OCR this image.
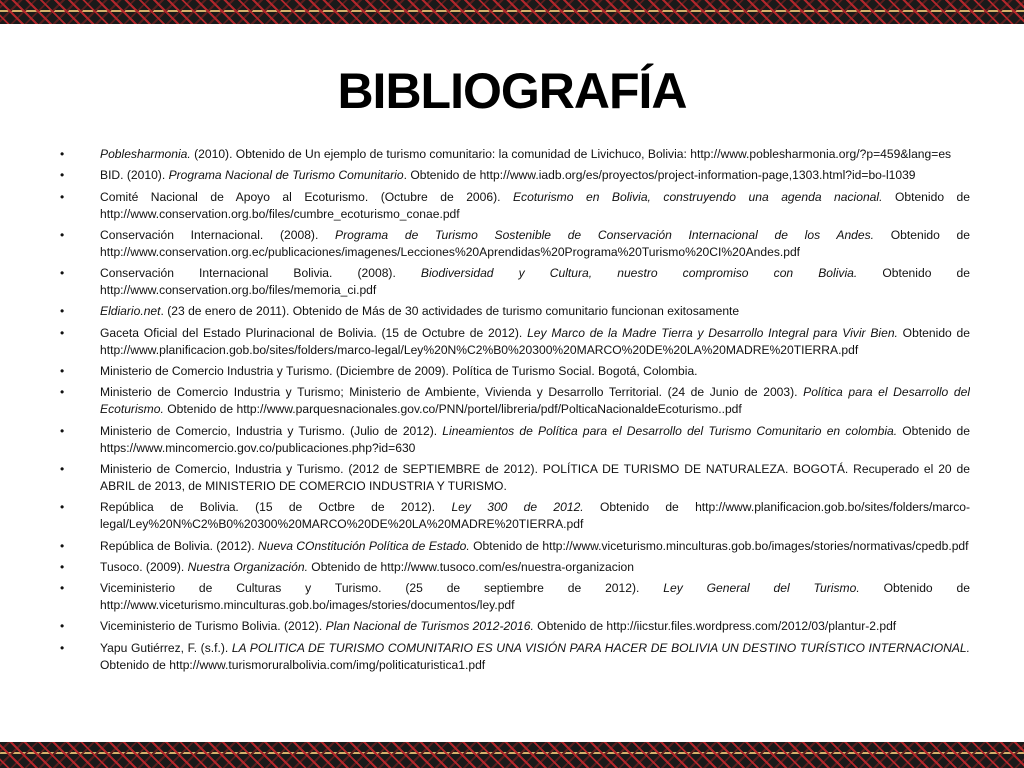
BIBLIOGRAFÍA
•	Poblesharmonia. (2010). Obtenido de Un ejemplo de turismo comunitario: la comunidad de Livichuco, Bolivia: http://www.poblesharmonia.org/?p=459&lang=es
•	BID. (2010). Programa Nacional de Turismo Comunitario. Obtenido de http://www.iadb.org/es/proyectos/project-information-page,1303.html?id=bo-l1039
•	Comité Nacional de Apoyo al Ecoturismo. (Octubre de 2006). Ecoturismo en Bolivia, construyendo una agenda nacional. Obtenido de http://www.conservation.org.bo/files/cumbre_ecoturismo_conae.pdf
•	Conservación Internacional. (2008). Programa de Turismo Sostenible de Conservación Internacional de los Andes. Obtenido de http://www.conservation.org.ec/publicaciones/imagenes/Lecciones%20Aprendidas%20Programa%20Turismo%20CI%20Andes.pdf
•	Conservación Internacional Bolivia. (2008). Biodiversidad y Cultura, nuestro compromiso con Bolivia. Obtenido de http://www.conservation.org.bo/files/memoria_ci.pdf
•	Eldiario.net. (23 de enero de 2011). Obtenido de Más de 30 actividades de turismo comunitario funcionan exitosamente
•	Gaceta Oficial del Estado Plurinacional de Bolivia. (15 de Octubre de 2012). Ley Marco de la Madre Tierra y Desarrollo Integral para Vivir Bien. Obtenido de http://www.planificacion.gob.bo/sites/folders/marco-legal/Ley%20N%C2%B0%20300%20MARCO%20DE%20LA%20MADRE%20TIERRA.pdf
•	Ministerio de Comercio Industria y Turismo. (Diciembre de 2009). Política de Turismo Social. Bogotá, Colombia.
•	Ministerio de Comercio Industria y Turismo; Ministerio de Ambiente, Vivienda y Desarrollo Territorial. (24 de Junio de 2003). Política para el Desarrollo del Ecoturismo. Obtenido de http://www.parquesnacionales.gov.co/PNN/portel/libreria/pdf/PolticaNacionaldeEcoturismo..pdf
•	Ministerio de Comercio, Industria y Turismo. (Julio de 2012). Lineamientos de Política para el Desarrollo del Turismo Comunitario en colombia. Obtenido de https://www.mincomercio.gov.co/publicaciones.php?id=630
•	Ministerio de Comercio, Industria y Turismo. (2012 de SEPTIEMBRE de 2012). POLÍTICA DE TURISMO DE NATURALEZA. BOGOTÁ. Recuperado el 20 de ABRIL de 2013, de MINISTERIO DE COMERCIO INDUSTRIA Y TURISMO.
•	República de Bolivia. (15 de Octbre de 2012). Ley 300 de 2012. Obtenido de http://www.planificacion.gob.bo/sites/folders/marco-legal/Ley%20N%C2%B0%20300%20MARCO%20DE%20LA%20MADRE%20TIERRA.pdf
•	República de Bolivia. (2012). Nueva COnstitución Política de Estado. Obtenido de http://www.viceturismo.minculturas.gob.bo/images/stories/normativas/cpedb.pdf
•	Tusoco. (2009). Nuestra Organización. Obtenido de http://www.tusoco.com/es/nuestra-organizacion
•	Viceministerio de Culturas y Turismo. (25 de septiembre de 2012). Ley General del Turismo. Obtenido de http://www.viceturismo.minculturas.gob.bo/images/stories/documentos/ley.pdf
•	Viceministerio de Turismo Bolivia. (2012). Plan Nacional de Turismos 2012-2016. Obtenido de http://iicstur.files.wordpress.com/2012/03/plantur-2.pdf
•	Yapu Gutiérrez, F. (s.f.). LA POLITICA DE TURISMO COMUNITARIO ES UNA VISIÓN PARA HACER DE BOLIVIA UN DESTINO TURÍSTICO INTERNACIONAL. Obtenido de http://www.turismoruralbolivia.com/img/politicaturistica1.pdf
